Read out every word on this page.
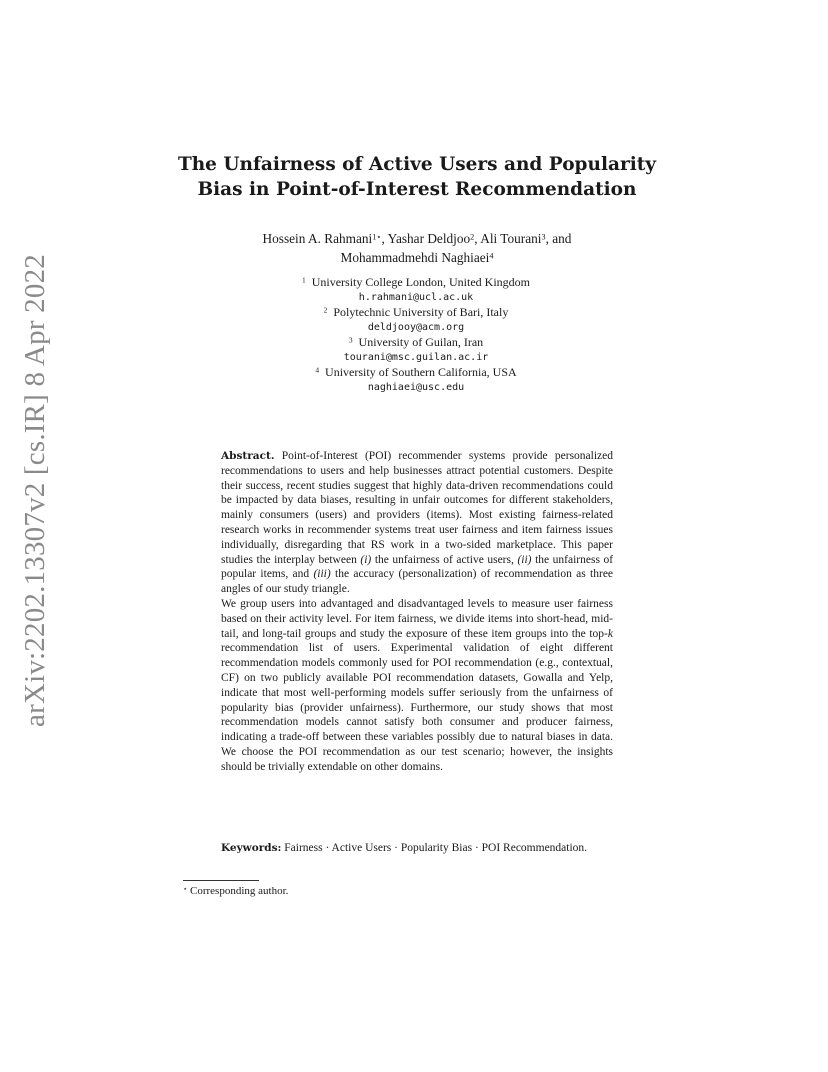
arXiv:2202.13307v2 [cs.IR] 8 Apr 2022
The Unfairness of Active Users and Popularity
Bias in Point-of-Interest Recommendation
Hossein A. Rahmani$^{1⋆}$, Yashar Deldjoo$^2$, Ali Tourani$^3$, and
Mohammadmehdi Naghiaei$^4$
$^1$ University College London, United Kingdom
h.rahmani@ucl.ac.uk
$^2$ Polytechnic University of Bari, Italy
deldjooy@acm.org
$^3$ University of Guilan, Iran
tourani@msc.guilan.ac.ir
$^4$ University of Southern California, USA
naghiaei@usc.edu

Abstract. Point-of-Interest (POI) recommender systems provide personalized recommendations to users and help businesses attract potential customers. Despite their success, recent studies suggest that highly data-driven recommendations could be impacted by data biases, resulting in unfair outcomes for different stakeholders, mainly consumers (users) and providers (items). Most existing fairness-related research works in recommender systems treat user fairness and item fairness issues individually, disregarding that RS work in a two-sided marketplace. This paper studies the interplay between (i) the unfairness of active users, (ii) the unfairness of popular items, and (iii) the accuracy (personalization) of recommendation as three angles of our study triangle.

We group users into advantaged and disadvantaged levels to measure user fairness based on their activity level. For item fairness, we divide items into short-head, mid-tail, and long-tail groups and study the exposure of these item groups into the top-k recommendation list of users. Experimental validation of eight different recommendation models commonly used for POI recommendation (e.g., contextual, CF) on two publicly available POI recommendation datasets, Gowalla and Yelp, indicate that most well-performing models suffer seriously from the unfairness of popularity bias (provider unfairness). Furthermore, our study shows that most recommendation models cannot satisfy both consumer and producer fairness, indicating a trade-off between these variables possibly due to natural biases in data. We choose the POI recommendation as our test scenario; however, the insights should be trivially extendable on other domains.

Keywords: Fairness · Active Users · Popularity Bias · POI Recommendation.
⋆ Corresponding author.
